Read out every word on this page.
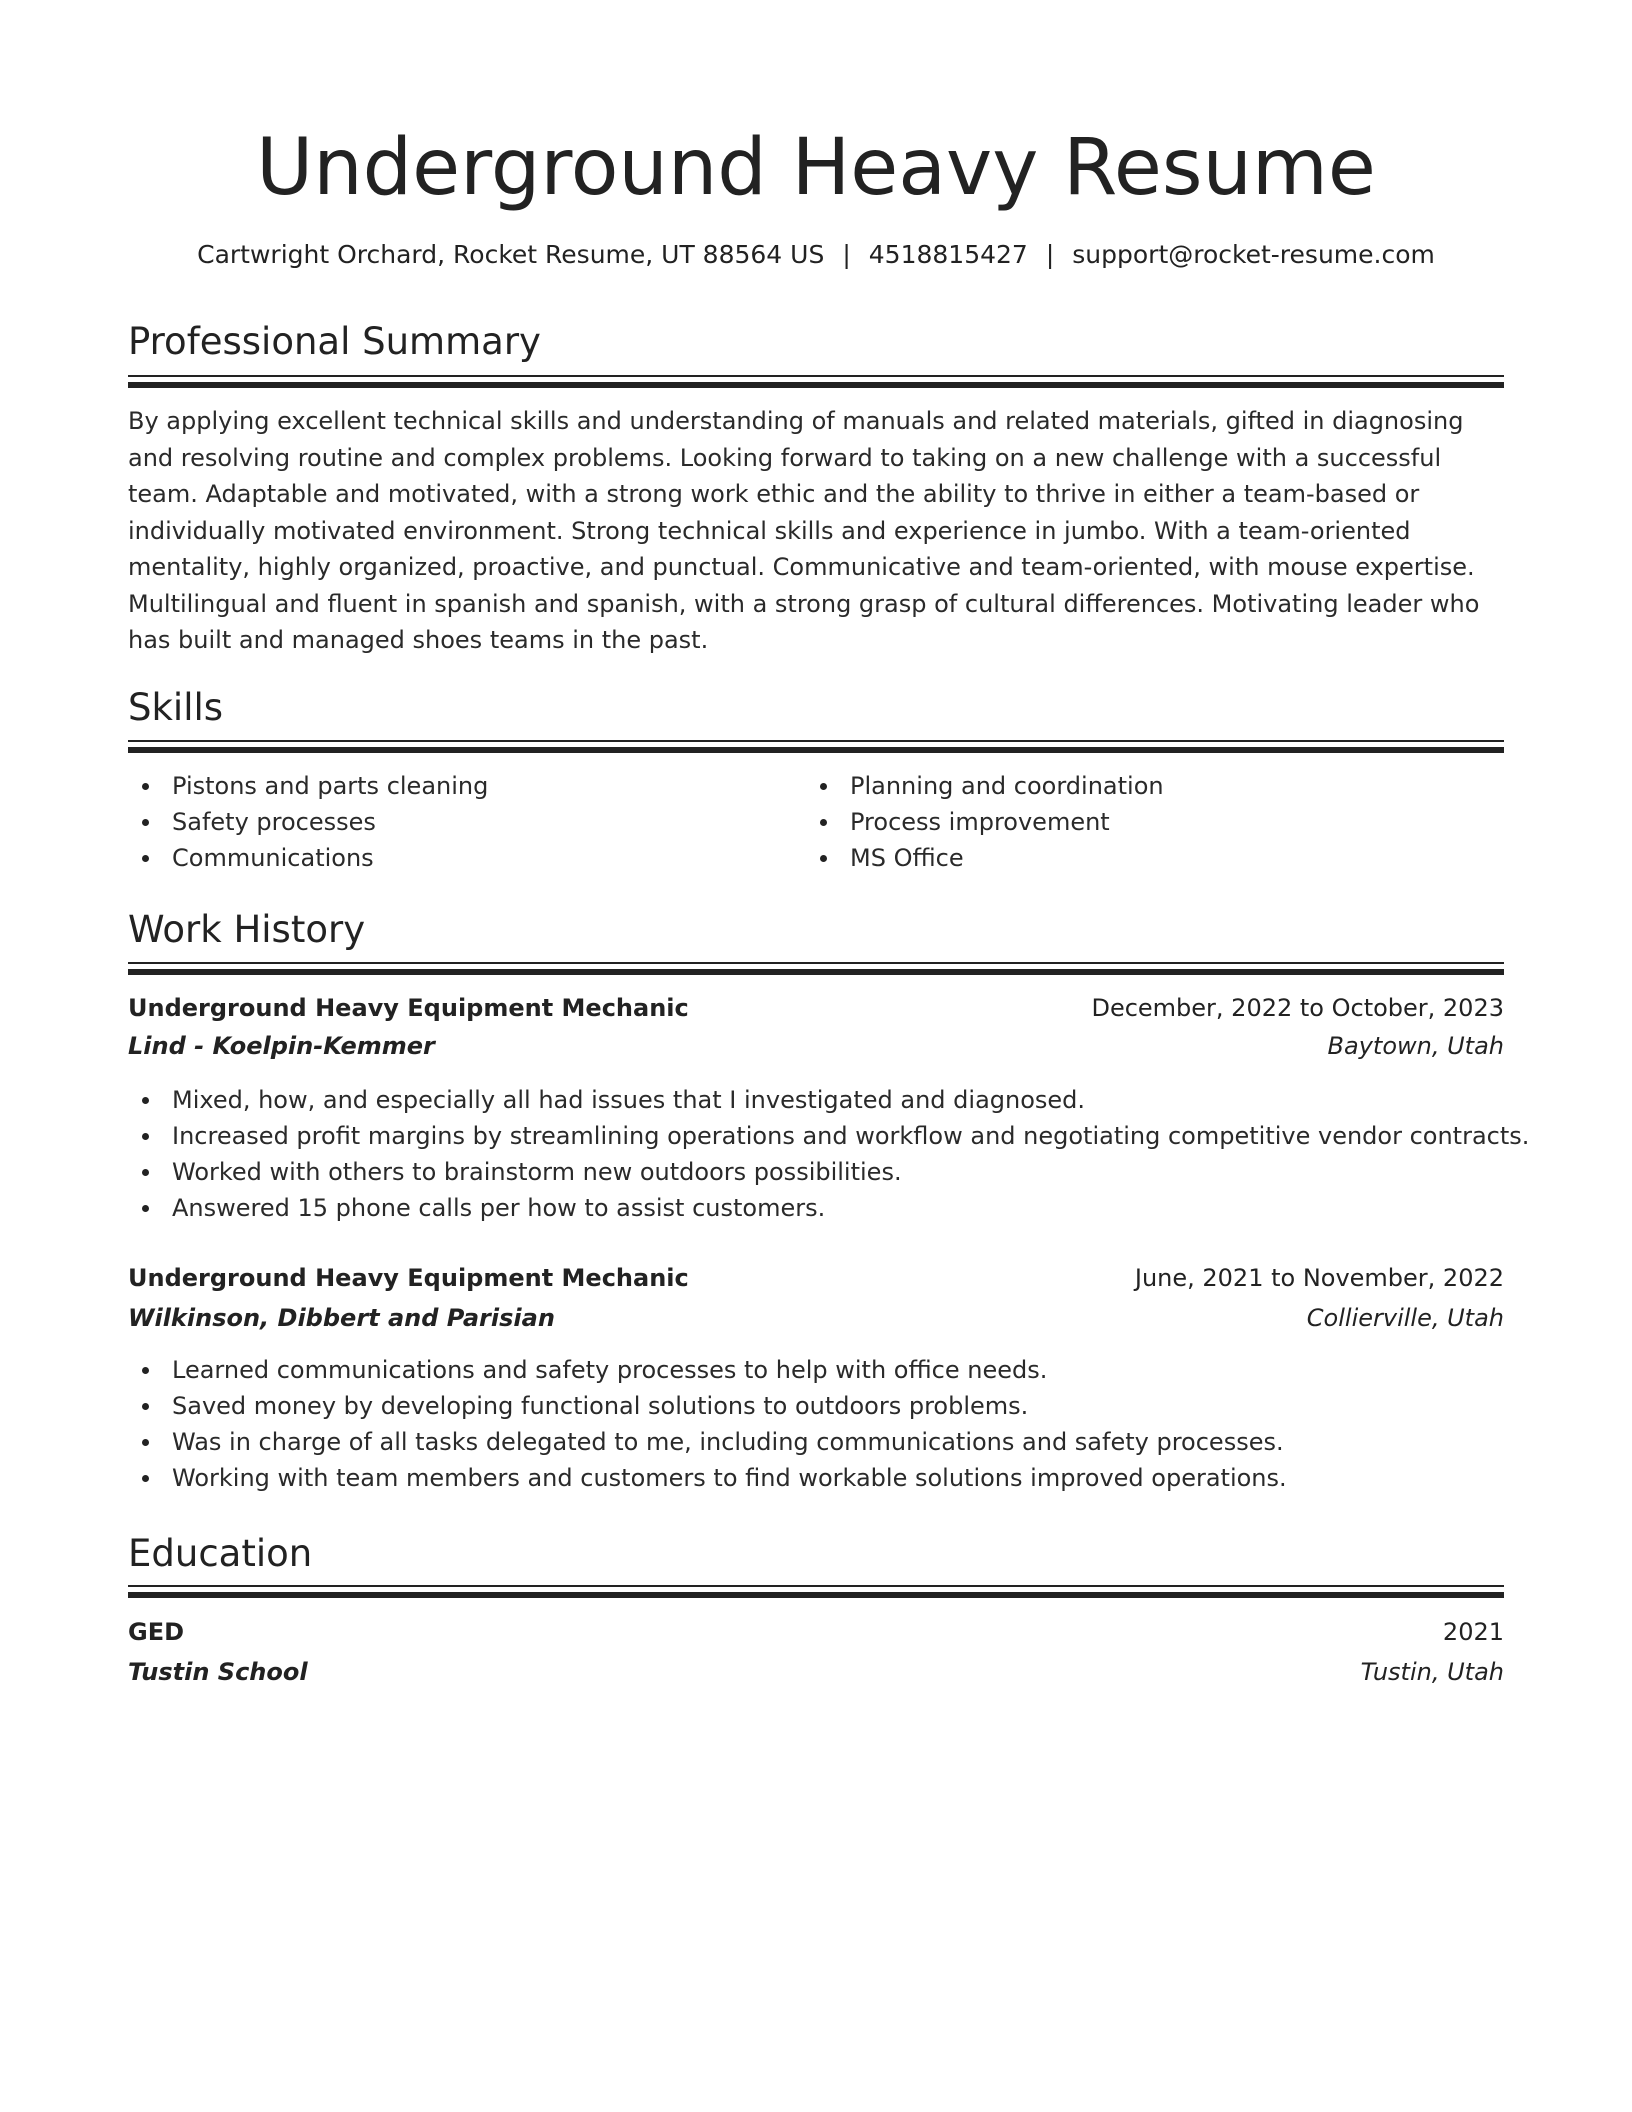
Underground Heavy Resume
Cartwright Orchard, Rocket Resume, UT 88564 US | 4518815427 | support@rocket-resume.com
Professional Summary
By applying excellent technical skills and understanding of manuals and related materials, gifted in diagnosing and resolving routine and complex problems. Looking forward to taking on a new challenge with a successful team. Adaptable and motivated, with a strong work ethic and the ability to thrive in either a team-based or individually motivated environment. Strong technical skills and experience in jumbo. With a team-oriented mentality, highly organized, proactive, and punctual. Communicative and team-oriented, with mouse expertise. Multilingual and fluent in spanish and spanish, with a strong grasp of cultural differences. Motivating leader who has built and managed shoes teams in the past.
Skills
Pistons and parts cleaning
Safety processes
Communications
Planning and coordination
Process improvement
MS Office
Work History
Underground Heavy Equipment Mechanic	December, 2022 to October, 2023
Lind - Koelpin-Kemmer	Baytown, Utah
Mixed, how, and especially all had issues that I investigated and diagnosed.
Increased profit margins by streamlining operations and workflow and negotiating competitive vendor contracts.
Worked with others to brainstorm new outdoors possibilities.
Answered 15 phone calls per how to assist customers.
Underground Heavy Equipment Mechanic	June, 2021 to November, 2022
Wilkinson, Dibbert and Parisian	Collierville, Utah
Learned communications and safety processes to help with office needs.
Saved money by developing functional solutions to outdoors problems.
Was in charge of all tasks delegated to me, including communications and safety processes.
Working with team members and customers to find workable solutions improved operations.
Education
GED	2021
Tustin School	Tustin, Utah
